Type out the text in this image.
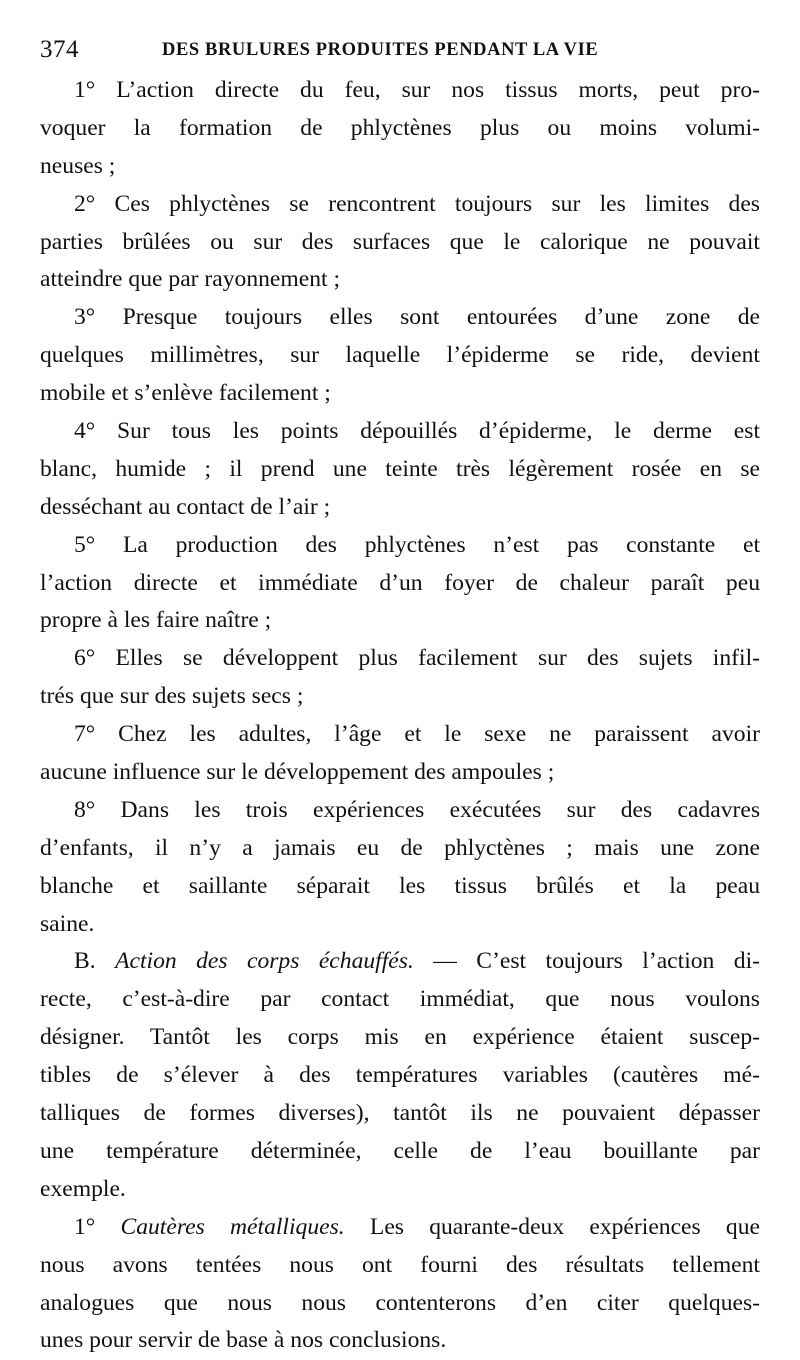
374	DES BRULURES PRODUITES PENDANT LA VIE
1° L’action directe du feu, sur nos tissus morts, peut pro-
voquer la formation de phlyctènes plus ou moins volumi-
neuses ;
2° Ces phlyctènes se rencontrent toujours sur les limites des
parties brûlées ou sur des surfaces que le calorique ne pouvait
atteindre que par rayonnement ;
3° Presque toujours elles sont entourées d’une zone de
quelques millimètres, sur laquelle l’épiderme se ride, devient
mobile et s’enlève facilement ;
4° Sur tous les points dépouillés d’épiderme, le derme est
blanc, humide ; il prend une teinte très légèrement rosée en se
desséchant au contact de l’air ;
5° La production des phlyctènes n’est pas constante et
l’action directe et immédiate d’un foyer de chaleur paraît peu
propre à les faire naître ;
6° Elles se développent plus facilement sur des sujets infil-
trés que sur des sujets secs ;
7° Chez les adultes, l’âge et le sexe ne paraissent avoir
aucune influence sur le développement des ampoules ;
8° Dans les trois expériences exécutées sur des cadavres
d’enfants, il n’y a jamais eu de phlyctènes ; mais une zone
blanche et saillante séparait les tissus brûlés et la peau
saine.
B. Action des corps échauffés. — C’est toujours l’action di-
recte, c’est-à-dire par contact immédiat, que nous voulons
désigner. Tantôt les corps mis en expérience étaient suscep-
tibles de s’élever à des températures variables (cautères mé-
talliques de formes diverses), tantôt ils ne pouvaient dépasser
une température déterminée, celle de l’eau bouillante par
exemple.
1° Cautères métalliques. Les quarante-deux expériences que
nous avons tentées nous ont fourni des résultats tellement
analogues que nous nous contenterons d’en citer quelques-
unes pour servir de base à nos conclusions.
